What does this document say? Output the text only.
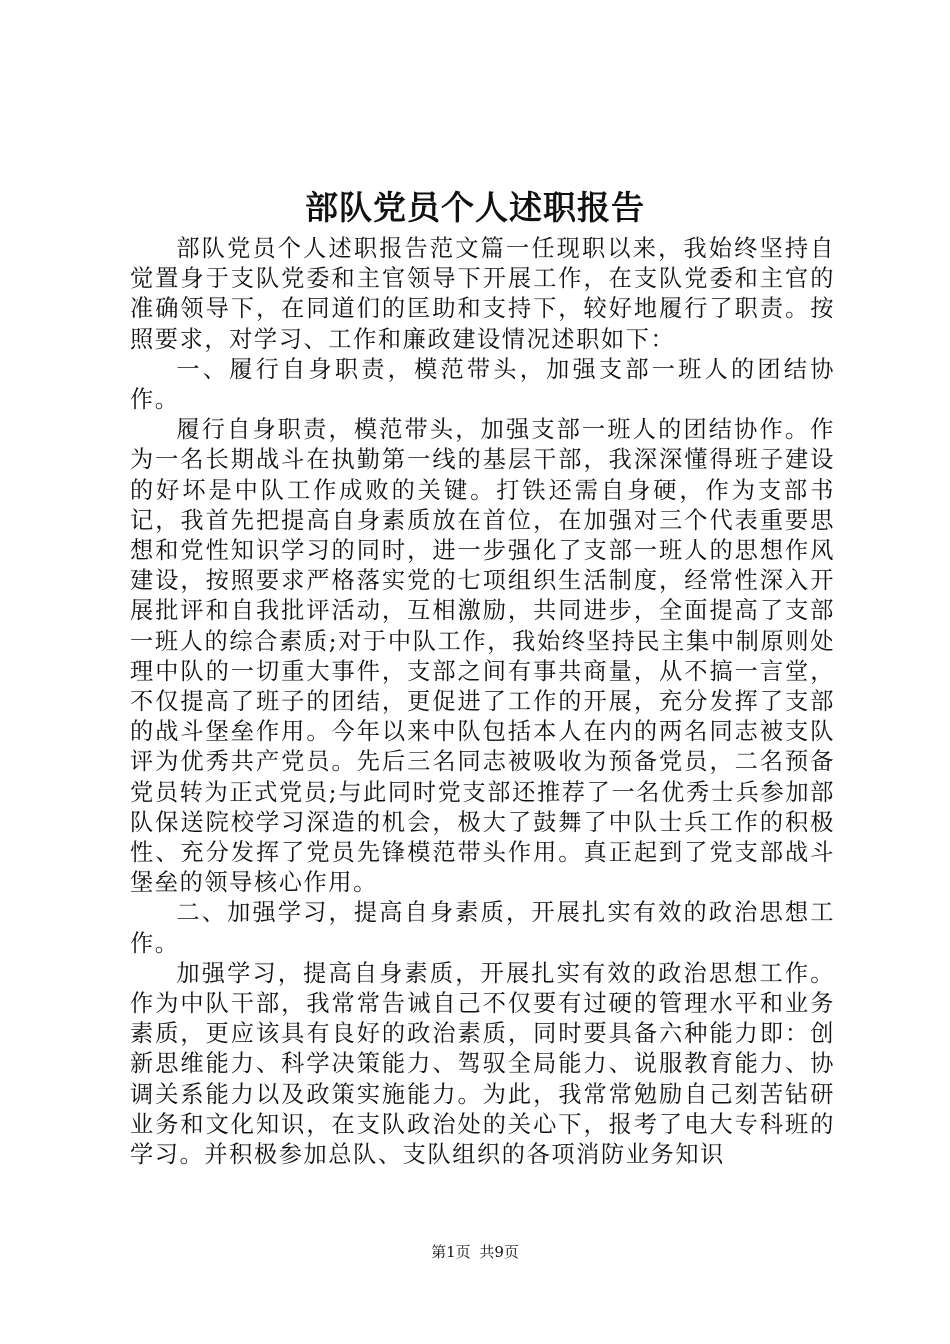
部队党员个人述职报告

部队党员个人述职报告范文篇一任现职以来，我始终坚持自觉置身于支队党委和主官领导下开展工作，在支队党委和主官的准确领导下，在同道们的匡助和支持下，较好地履行了职责。按照要求，对学习、工作和廉政建设情况述职如下：

一、履行自身职责，模范带头，加强支部一班人的团结协作。

履行自身职责，模范带头，加强支部一班人的团结协作。作为一名长期战斗在执勤第一线的基层干部，我深深懂得班子建设的好坏是中队工作成败的关键。打铁还需自身硬，作为支部书记，我首先把提高自身素质放在首位，在加强对三个代表重要思想和党性知识学习的同时，进一步强化了支部一班人的思想作风建设，按照要求严格落实党的七项组织生活制度，经常性深入开展批评和自我批评活动，互相激励，共同进步，全面提高了支部一班人的综合素质;对于中队工作，我始终坚持民主集中制原则处理中队的一切重大事件，支部之间有事共商量，从不搞一言堂，不仅提高了班子的团结，更促进了工作的开展，充分发挥了支部的战斗堡垒作用。今年以来中队包括本人在内的两名同志被支队评为优秀共产党员。先后三名同志被吸收为预备党员，二名预备党员转为正式党员;与此同时党支部还推荐了一名优秀士兵参加部队保送院校学习深造的机会，极大了鼓舞了中队士兵工作的积极性、充分发挥了党员先锋模范带头作用。真正起到了党支部战斗堡垒的领导核心作用。

二、加强学习，提高自身素质，开展扎实有效的政治思想工作。

加强学习，提高自身素质，开展扎实有效的政治思想工作。作为中队干部，我常常告诫自己不仅要有过硬的管理水平和业务素质，更应该具有良好的政治素质，同时要具备六种能力即：创新思维能力、科学决策能力、驾驭全局能力、说服教育能力、协调关系能力以及政策实施能力。为此，我常常勉励自己刻苦钻研业务和文化知识，在支队政治处的关心下，报考了电大专科班的学习。并积极参加总队、支队组织的各项消防业务知识

第1页 共9页
